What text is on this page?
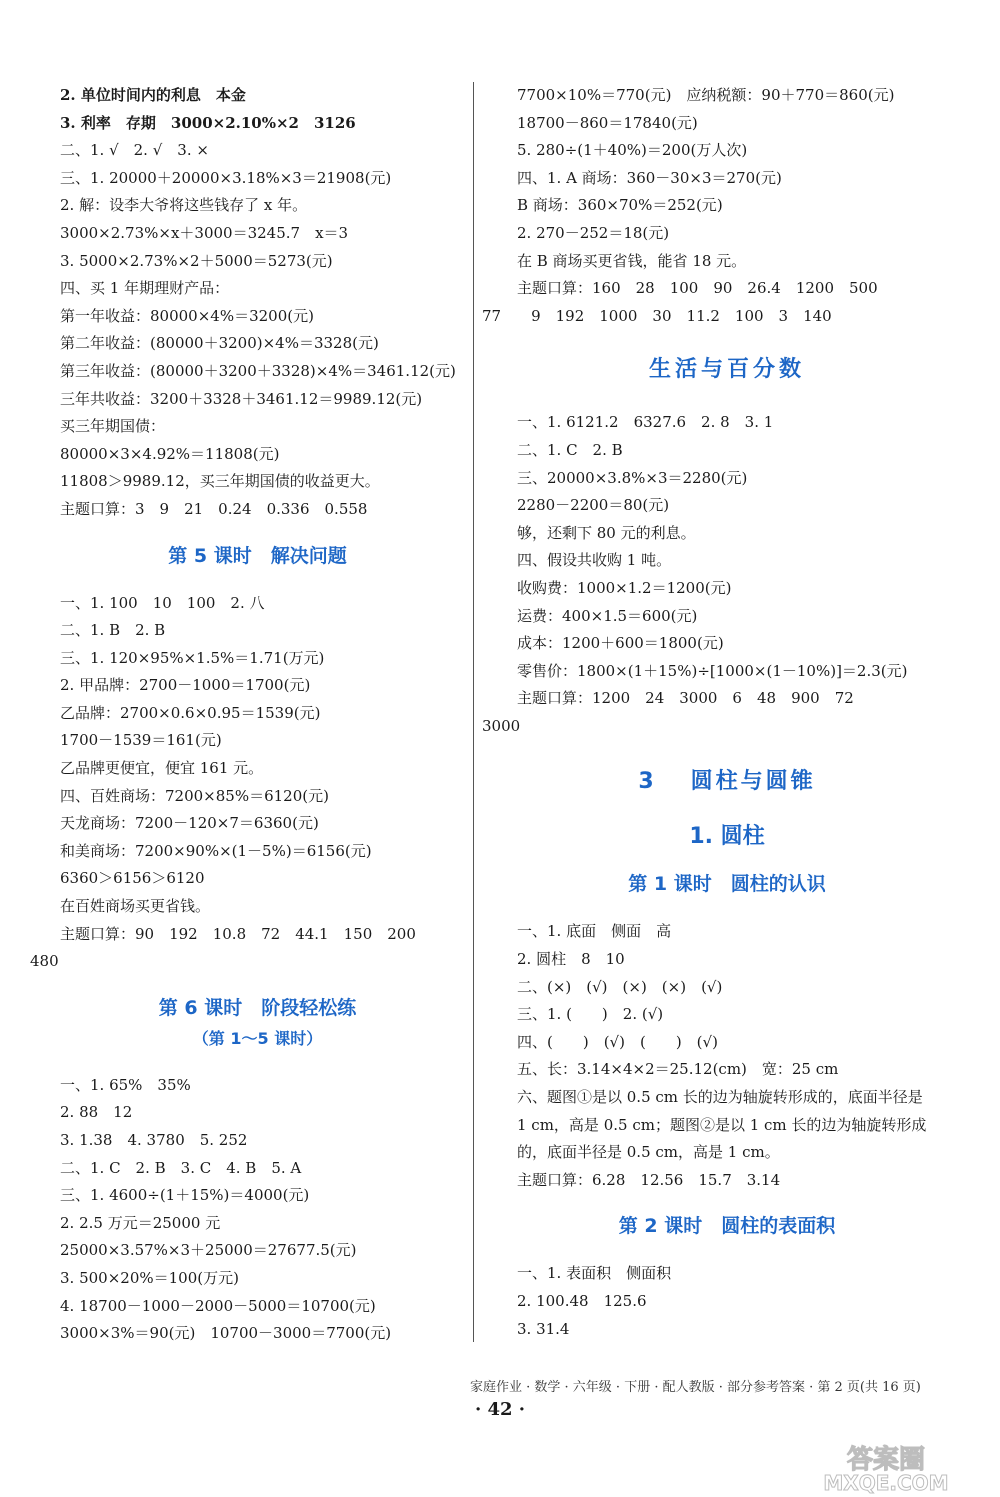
2. 单位时间内的利息　本金
3. 利率　存期　3000×2.10%×2　3126
二、1. √　2. √　3. ×
三、1. 20000＋20000×3.18%×3＝21908(元)
2. 解：设李大爷将这些钱存了 x 年。
3000×2.73%×x＋3000＝3245.7　x＝3
3. 5000×2.73%×2＋5000＝5273(元)
四、买 1 年期理财产品：
第一年收益：80000×4%＝3200(元)
第二年收益：(80000＋3200)×4%＝3328(元)
第三年收益：(80000＋3200＋3328)×4%＝3461.12(元)
三年共收益：3200＋3328＋3461.12＝9989.12(元)
买三年期国债：
80000×3×4.92%＝11808(元)
11808＞9989.12，买三年期国债的收益更大。
主题口算：3　9　21　0.24　0.336　0.558
第 5 课时　解决问题
一、1. 100　10　100　2. 八
二、1. B　2. B
三、1. 120×95%×1.5%＝1.71(万元)
2. 甲品牌：2700－1000＝1700(元)
乙品牌：2700×0.6×0.95＝1539(元)
1700－1539＝161(元)
乙品牌更便宜，便宜 161 元。
四、百姓商场：7200×85%＝6120(元)
天龙商场：7200－120×7＝6360(元)
和美商场：7200×90%×(1－5%)＝6156(元)
6360＞6156＞6120
在百姓商场买更省钱。
主题口算：90　192　10.8　72　44.1　150　200
480
第 6 课时　阶段轻松练
（第 1～5 课时）
一、1. 65%　35%
2. 88　12
3. 1.38　4. 3780　5. 252
二、1. C　2. B　3. C　4. B　5. A
三、1. 4600÷(1＋15%)＝4000(元)
2. 2.5 万元＝25000 元
25000×3.57%×3＋25000＝27677.5(元)
3. 500×20%＝100(万元)
4. 18700－1000－2000－5000＝10700(元)
3000×3%＝90(元)　10700－3000＝7700(元)
7700×10%＝770(元)　应纳税额：90＋770＝860(元)
18700－860＝17840(元)
5. 280÷(1＋40%)＝200(万人次)
四、1. A 商场：360－30×3＝270(元)
B 商场：360×70%＝252(元)
2. 270－252＝18(元)
在 B 商场买更省钱，能省 18 元。
主题口算：160　28　100　90　26.4　1200　500
77　　9　192　1000　30　11.2　100　3　140
生活与百分数
一、1. 6121.2　6327.6　2. 8　3. 1
二、1. C　2. B
三、20000×3.8%×3＝2280(元)
2280－2200＝80(元)
够，还剩下 80 元的利息。
四、假设共收购 1 吨。
收购费：1000×1.2＝1200(元)
运费：400×1.5＝600(元)
成本：1200＋600＝1800(元)
零售价：1800×(1＋15%)÷[1000×(1－10%)]＝2.3(元)
主题口算：1200　24　3000　6　48　900　72
3000
3 圆柱与圆锥
1. 圆柱
第 1 课时　圆柱的认识
一、1. 底面　侧面　高
2. 圆柱　8　10
二、(×)　(√)　(×)　(×)　(√)
三、1. (　　)　2. (√)
四、(　　)　(√)　(　　)　(√)
五、长：3.14×4×2＝25.12(cm)　宽：25 cm
六、题图①是以 0.5 cm 长的边为轴旋转形成的，底面半径是 1 cm，高是 0.5 cm；题图②是以 1 cm 长的边为轴旋转形成的，底面半径是 0.5 cm，高是 1 cm。
主题口算：6.28　12.56　15.7　3.14
第 2 课时　圆柱的表面积
一、1. 表面积　侧面积
2. 100.48　125.6
3. 31.4
家庭作业 · 数学 · 六年级 · 下册 · 配人教版 · 部分参考答案 · 第 2 页(共 16 页)
· 42 ·
答案圈
MXQE.COM
